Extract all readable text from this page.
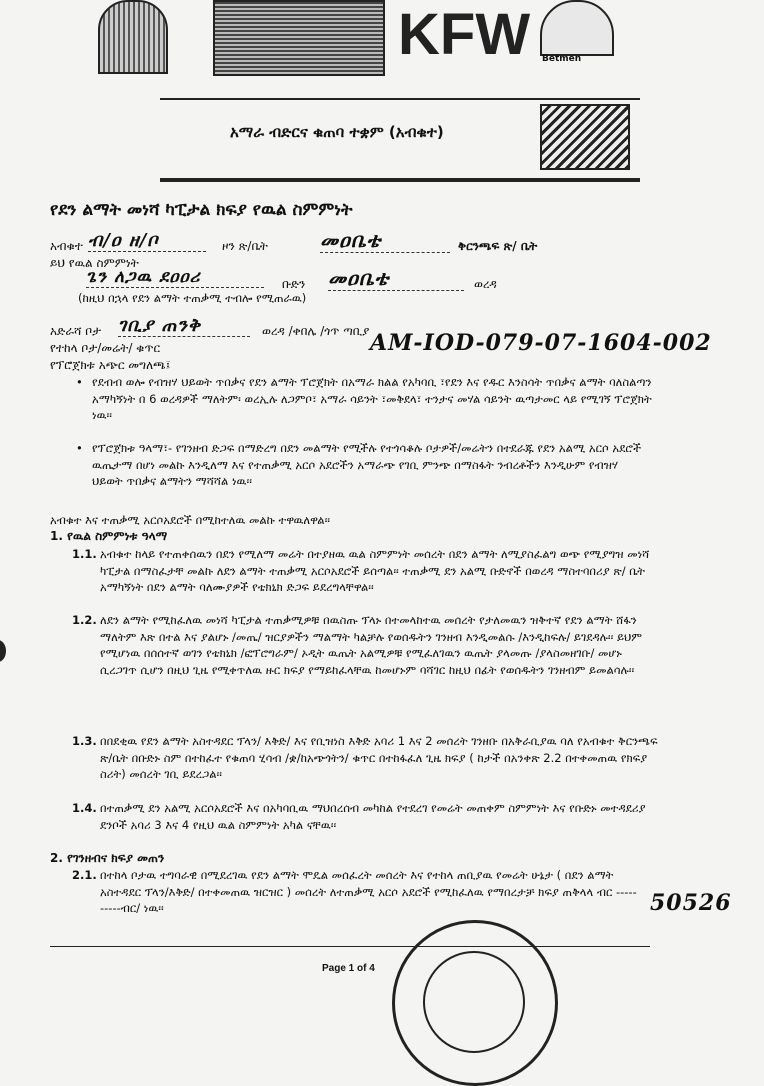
KFW Betmen
አማራ ብድርና ቁጠባ ተቋም (አብቁተ)
የደን ልማት መነሻ ካፒታል ክፍያ የዉል ስምምነት
አብቁተ ብ/ዐ ዘ/ቦ	ዞን ጽ/ቤት	መዐቤቴ	ቅርንጫፍ ጽ/ ቤት
ይህ የዉል ስምምነት
ጌን ለጋዉ ደዐዐሪ	ቡድን መዐቤቴ	ወረዳ
(ከዚህ በኋላ የደን ልማት ተጠቃሚ ተብሎ የሚጠራዉ)
አድራሻ ቦታ ገቢያ ጠንቅ	ወረዳ /ቀበሌ /ጎጥ ጣቢያ
የተከላ ቦታ/መሬት/ ቁጥር	AM-IOD-079-07-1604-002
የፕሮጀክቱ አጭር መግለጫ፤
• የደብብ ወሎ የብዝሃ ህይወት ጥበቃና የደን ልማት ፕሮጀክት በአማራ ክልል የአካባቢ ፣የደን እና የዱር እንስሳት ጥበቃና ልማት ባለስልጣን አማካኝነት በ 6 ወረዳዎች ማለትም፡ ወረኢሉ ለጋምቦ፣ አማራ ሳይንት ፣መቅደላ፣ ተንታና መሃል ሳይንት ዉጣታመር ላይ የሚገኝ ፕሮጀክት ነዉ፡፡
• የፕሮጀክቱ ዓላማ፣- የገንዘብ ድጋፍ በማድረግ በደን መልማት የሚችሉ የተጎሳቆሉ ቦታዎች/መሬትን በተደራጁ የደን አልሚ አርሶ አደሮች ዉጤታማ በሆነ መልኩ እንዲለማ እና የተጠቃሚ አርሶ አደሮችን አማራጭ የገቢ ምንጭ በማስፋት ንብረቶችን እንዲሁም የብዝሃ ህይወት ጥበቃና ልማትን ማሻሻል ነዉ፡፡
አብቁተ እና ተጠቃሚ አርሶአደሮች በሚከተለዉ መልኩ ተዋዉለዋል፡፡
1. የዉል ስምምነቱ ዓላማ
1.1. አብቁተ ከላይ የተጠቀሰዉን በደን የሚለማ መሬት በተያዘዉ ዉል ስምምነት መሰረት በደን ልማት ለሚያስፈልግ ወጭ የሚያግዝ መነሻ ካፒታል በማስፈታቸ መልኩ ለደን ልማት ተጠቃሚ አርሶአደሮች ይሰጣል፡፡ ተጠቃሚ ደን አልሚ ቡድኖች በወረዳ ማስተባበሪያ ጽ/ ቤት አማካኝነት በደን ልማት ባለሙያዎች የቴክኒክ ድጋፍ ይደረግላቸዋል፡፡
1.2. ለደን ልማት የሚከፈለዉ መነሻ ካፒታል ተጠቃሚዎቹ በዉስጡ ፕላኑ በተመላከተዉ መሰረት የታለመዉን ዝቅተኛ የደን ልማት ሸፋን ማለትም እጽ በተል እና ያልሆኑ /መጤ/ ዝርያዎችን ማልማት ካልቻሉ የወሰዱትን ገንዘብ እንዲመልሱ /እንዲከፍሉ/ ይገደዳሉ፡፡ ይህም የሚሆነዉ በሰሰተኛ ወገን የቴክኒክ /ፎፕሮግራም/ ኦዲት ዉጤት አልሚዎቹ የሚፈለገዉን ዉጤት ያላመጡ /ያላስመዘገቡ/ መሆኑ ሲረጋገጥ ሲሆን በዚህ ጊዜ የሚቀጥለዉ ዙር ክፍያ የማይከፈላቸዉ ከመሆኑም ባሻገር ከዚህ በፊት የወሰዱትን ገንዘብም ይመልሳሉ፡፡
1.3. በበደቂዉ የደን ልማት አስተዳደር ፕላን/ እቅድ/ እና የቢዝነስ እቅድ አባሪ 1 እና 2 መሰረት ገንዘቡ በአቅራቢያዉ ባለ የአብቁተ ቅርንጫፍ ጽ/ቤት በቡድኑ ስም በተከፈተ የቁጠባ ሂሳብ /ቋ/ከአጭጎትን/ ቁጥር በተከፋፈለ ጊዜ ክፍያ ( ከታች በአንቀጽ 2.2 በተቀመጠዉ የክፍያ ስሪት) መሰረት ገቢ ይደረጋል፡፡
1.4. በተጠቃሚ ደን አልሚ አርሶአደሮች እና በአካባቢዉ ማህበረሰብ መካከል የተደረገ የመሬት መጠቀም ስምምነት እና የቡድኑ መተዳደሪያ ደንቦች አባሪ 3 እና 4 የዚህ ዉል ስምምነት አካል ናቸዉ፡፡
2. የገንዘብና ክፍያ መጠን
2.1. በተከላ ቦታዉ ተግባራዊ በሚደረገዉ የደን ልማት ሞዴል መሰፈረት መሰረት እና የተከላ ጠቢያዉ የመሬት ሁኔታ ( በደን ልማት አስተዳደር ፕላን/እቅድ/ በተቀመጠዉ ዝርዝር ) መሰረት ለተጠቃሚ አርሶ አደሮች የሚከፈለዉ የማበረታቻ ክፍያ ጠቅላላ ብር ----------ብር/ ነዉ፡፡	50526
Page 1 of 4
